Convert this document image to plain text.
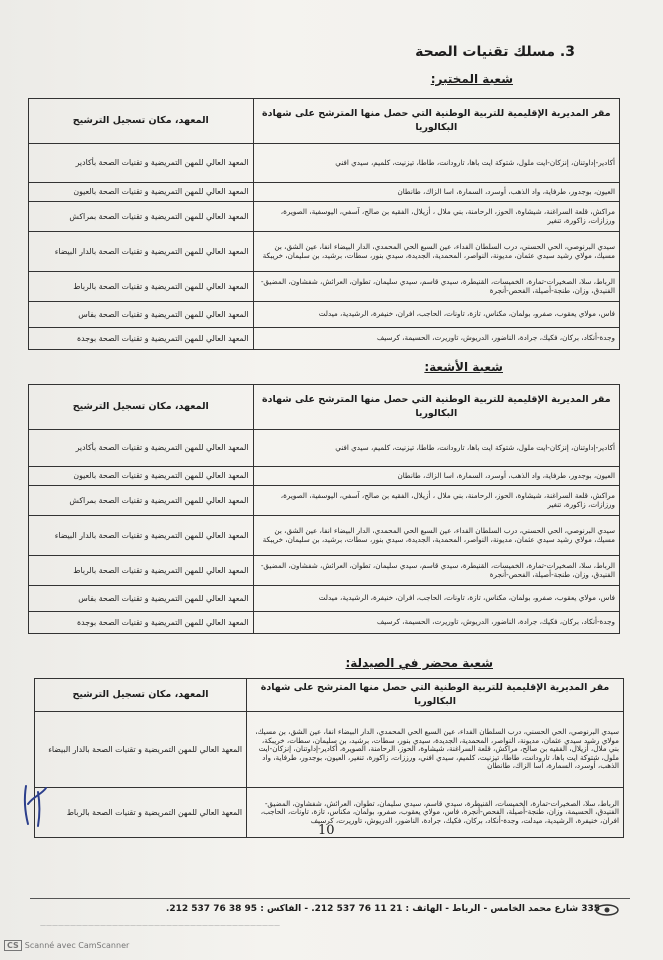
3. مسلك تقنيات الصحة
شعبة المختبر:
مقر المديرية الإقليمية للتربية الوطنية التي حصل منها المترشح على شهادة البكالوريا	المعهد، مكان تسجيل الترشيح
أكادير-إداوتنان، إنزكان-ايت ملول، شتوكة ايت باها، تارودانت، طاطا، تيزنيت، كلميم، سيدي افني	المعهد العالي للمهن التمريضية و تقنيات الصحة بأكادير
العيون، بوجدور، طرفاية، واد الذهب، أوسرد، السمارة، اسا الزاك، طانطان	المعهد العالي للمهن التمريضية و تقنيات الصحة بالعيون
مراكش، قلعة السراغنة، شيشاوة، الحوز، الرحامنة، بني ملال ، أزيلال، الفقيه بن صالح، آسفي، اليوسفية، الصويرة، ورزازات، زاكورة، تنغير	المعهد العالي للمهن التمريضية و تقنيات الصحة بمراكش
سيدي البرنوصي، الحي الحسني، درب السلطان الفداء، عين السبع الحي المحمدي، الدار البيضاء انفا، عين الشق، بن مسيك، مولاي رشيد سيدي عثمان، مديونة، النواصر، المحمدية، الجديدة، سيدي بنور، سطات، برشيد، بن سليمان، خريبكة	المعهد العالي للمهن التمريضية و تقنيات الصحة بالدار البيضاء
الرباط، سلا، الصخيرات-تمارة، الخميسات، القنيطرة، سيدي قاسم، سيدي سليمان، تطوان، العرائش، شفشاون، المضيق-الفنيدق، وزان، طنجة-أصيلة، الفحص-أنجرة	المعهد العالي للمهن التمريضية و تقنيات الصحة بالرباط
فاس، مولاي يعقوب، صفرو، بولمان، مكناس، تازة، تاونات، الحاجب، افران، خنيفرة، الرشيدية، ميدلت	المعهد العالي للمهن التمريضية و تقنيات الصحة بفاس
وجدة-أنكاد، بركان، فكيك، جرادة، الناضور، الدريوش، تاوريرت، الحسيمة، كرسيف	المعهد العالي للمهن التمريضية و تقنيات الصحة بوجدة
شعبة الأشعة:
مقر المديرية الإقليمية للتربية الوطنية التي حصل منها المترشح على شهادة البكالوريا	المعهد، مكان تسجيل الترشيح
أكادير-إداوتنان، إنزكان-ايت ملول، شتوكة ايت باها، تارودانت، طاطا، تيزنيت، كلميم، سيدي افني	المعهد العالي للمهن التمريضية و تقنيات الصحة بأكادير
العيون، بوجدور، طرفاية، واد الذهب، أوسرد، السمارة، اسا الزاك، طانطان	المعهد العالي للمهن التمريضية و تقنيات الصحة بالعيون
مراكش، قلعة السراغنة، شيشاوة، الحوز، الرحامنة، بني ملال ، أزيلال، الفقيه بن صالح، آسفي، اليوسفية، الصويرة، ورزازات، زاكورة، تنغير	المعهد العالي للمهن التمريضية و تقنيات الصحة بمراكش
سيدي البرنوصي، الحي الحسني، درب السلطان الفداء، عين السبع الحي المحمدي، الدار البيضاء انفا، عين الشق، بن مسيك، مولاي رشيد سيدي عثمان، مديونة، النواصر، المحمدية، الجديدة، سيدي بنور، سطات، برشيد، بن سليمان، خريبكة	المعهد العالي للمهن التمريضية و تقنيات الصحة بالدار البيضاء
الرباط، سلا، الصخيرات-تمارة، الخميسات، القنيطرة، سيدي قاسم، سيدي سليمان، تطوان، العرائش، شفشاون، المضيق-الفنيدق، وزان، طنجة-أصيلة، الفحص-أنجرة	المعهد العالي للمهن التمريضية و تقنيات الصحة بالرباط
فاس، مولاي يعقوب، صفرو، بولمان، مكناس، تازة، تاونات، الحاجب، افران، خنيفرة، الرشيدية، ميدلت	المعهد العالي للمهن التمريضية و تقنيات الصحة بفاس
وجدة-أنكاد، بركان، فكيك، جرادة، الناضور، الدريوش، تاوريرت، الحسيمة، كرسيف	المعهد العالي للمهن التمريضية و تقنيات الصحة بوجدة
شعبة محضر في الصيدلة:
مقر المديرية الإقليمية للتربية الوطنية التي حصل منها المترشح على شهادة البكالوريا	المعهد، مكان تسجيل الترشيح
سيدي البرنوصي، الحي الحسني، درب السلطان الفداء، عين السبع الحي المحمدي، الدار البيضاء انفا، عين الشق، بن مسيك، مولاي رشيد سيدي عثمان، مديونة، النواصر، المحمدية، الجديدة، سيدي بنور، سطات، برشيد، بن سليمان، سطات، خريبكة، بني ملال، أزيلال، الفقيه بن صالح، مراكش، قلعة السراغنة، شيشاوة، الحوز، الرحامنة، الصويرة، أكادير-إداوتنان، إنزكان-ايت ملول، شتوكة ايت باها، تارودانت، طاطا، تيزنيت، كلميم، سيدي افني، ورززات، زاكورة، تنغير، العيون، بوجدور، طرفاية، واد الذهب، أوسرد، السمارة، اسا الزاك، طانطان	المعهد العالي للمهن التمريضية و تقنيات الصحة بالدار البيضاء
الرباط، سلا، الصخيرات-تمارة، الخميسات، القنيطرة، سيدي قاسم، سيدي سليمان، تطوان، العرائش، شفشاون، المضيق-الفنيدق، الحسيمة، وزان، طنجة-أصيلة، الفحص-أنجرة، فاس، مولاي يعقوب، صفرو، بولمان، مكناس، تازة، تاونات، الحاجب، افران، خنيفرة، الرشيدية، ميدلت، وجدة-أنكاد، بركان، فكيك، جرادة، الناضور، الدريوش، تاوريرت، كرسيف	المعهد العالي للمهن التمريضية و تقنيات الصحة بالرباط
10
335 شارع محمد الخامس - الرباط - الهاتف : 21 11 76 537 212. - الفاكس : 95 38 76 537 212.
————————————————————————————————————————
CS Scanné avec CamScanner
